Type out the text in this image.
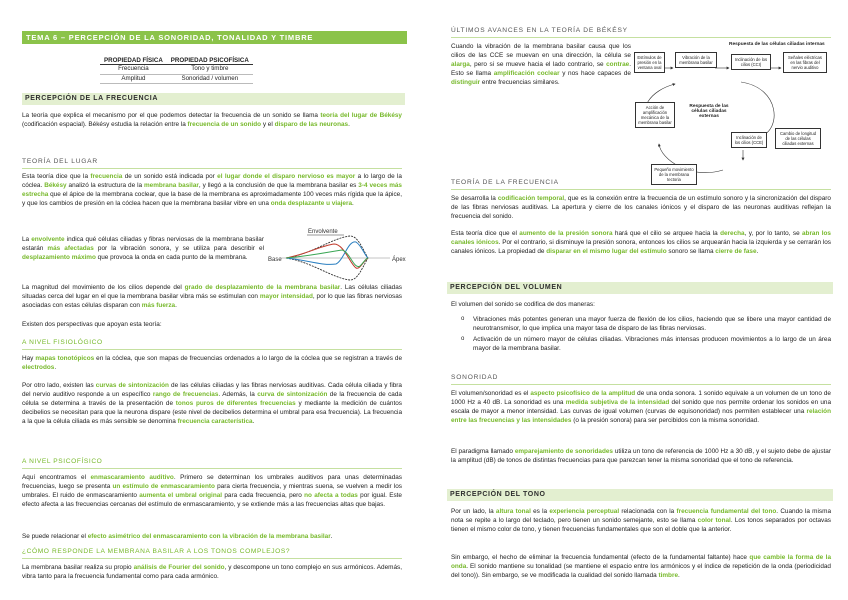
TEMA 6 – PERCEPCIÓN DE LA SONORIDAD, TONALIDAD Y TIMBRE
PROPIEDAD FÍSICA	PROPIEDAD PSICOFÍSICA
Frecuencia	Tono y timbre
Amplitud	Sonoridad / volumen
PERCEPCIÓN DE LA FRECUENCIA

La teoría que explica el mecanismo por el que podemos detectar la frecuencia de un sonido se llama teoría del lugar de Békésy (codificación espacial). Békésy estudia la relación entre la frecuencia de un sonido y el disparo de las neuronas.

TEORÍA DEL LUGAR

Esta teoría dice que la frecuencia de un sonido está indicada por el lugar donde el disparo nervioso es mayor a lo largo de la cóclea. Békésy analizó la estructura de la membrana basilar, y llegó a la conclusión de que la membrana basilar es 3-4 veces más estrecha que el ápice de la membrana coclear, que la base de la membrana es aproximadamente 100 veces más rígida que la ápice, y que los cambios de presión en la cóclea hacen que la membrana basilar vibre en una onda desplazante u viajera.

La envolvente indica qué células ciliadas y fibras nerviosas de la membrana basilar estarán más afectadas por la vibración sonora, y se utiliza para describir el desplazamiento máximo que provoca la onda en cada punto de la membrana.

Envolvente
Base	Ápex

La magnitud del movimiento de los cilios depende del grado de desplazamiento de la membrana basilar. Las células ciliadas situadas cerca del lugar en el que la membrana basilar vibra más se estimulan con mayor intensidad, por lo que las fibras nerviosas asociadas con estas células disparan con más fuerza.

Existen dos perspectivas que apoyan esta teoría:

A NIVEL FISIOLÓGICO

Hay mapas tonotópicos en la cóclea, que son mapas de frecuencias ordenados a lo largo de la cóclea que se registran a través de electrodos.

Por otro lado, existen las curvas de sintonización de las células ciliadas y las fibras nerviosas auditivas. Cada célula ciliada y fibra del nervio auditivo responde a un específico rango de frecuencias. Además, la curva de sintonización de la frecuencia de cada célula se determina a través de la presentación de tonos puros de diferentes frecuencias y mediante la medición de cuántos decibelios se necesitan para que la neurona dispare (este nivel de decibelios determina el umbral para esa frecuencia). La frecuencia a la que la célula ciliada es más sensible se denomina frecuencia característica.

A NIVEL PSICOFÍSICO

Aquí encontramos el enmascaramiento auditivo. Primero se determinan los umbrales auditivos para unas determinadas frecuencias, luego se presenta un estímulo de enmascaramiento para cierta frecuencia, y mientras suena, se vuelven a medir los umbrales. El ruido de enmascaramiento aumenta el umbral original para cada frecuencia, pero no afecta a todas por igual. Este efecto afecta a las frecuencias cercanas del estímulo de enmascaramiento, y se extiende más a las frecuencias altas que bajas.

Se puede relacionar el efecto asimétrico del enmascaramiento con la vibración de la membrana basilar.

¿CÓMO RESPONDE LA MEMBRANA BASILAR A LOS TONOS COMPLEJOS?

La membrana basilar realiza su propio análisis de Fourier del sonido, y descompone un tono complejo en sus armónicos. Además, vibra tanto para la frecuencia fundamental como para cada armónico.

ÚLTIMOS AVANCES EN LA TEORÍA DE BÉKÉSY

Cuando la vibración de la membrana basilar causa que los cilios de las CCE se muevan en una dirección, la célula se alarga, pero si se mueve hacia el lado contrario, se contrae. Esto se llama amplificación coclear y nos hace capaces de distinguir entre frecuencias similares.

Respuesta de las células ciliadas internas
Estímulos de presión en la ventana oval
Vibración de la membrana basilar
Inclinación de los cilios (CCI)
Señales eléctricas en las fibras del nervio auditivo
Acción de amplificación mecánica de la membrana basilar
Respuesta de las células ciliadas externas
Inclinación de los cilios (CCE)
Cambio de longitud de las células ciliadas externas
Pequeño movimiento de la membrana tectoria
TEORÍA DE LA FRECUENCIA

Se desarrolla la codificación temporal, que es la conexión entre la frecuencia de un estímulo sonoro y la sincronización del disparo de las fibras nerviosas auditivas. La apertura y cierre de los canales iónicos y el disparo de las neuronas auditivas reflejan la frecuencia del sonido.

Esta teoría dice que el aumento de la presión sonora hará que el cilio se arquee hacia la derecha, y, por lo tanto, se abran los canales iónicos. Por el contrario, si disminuye la presión sonora, entonces los cilios se arquearán hacia la izquierda y se cerrarán los canales iónicos. La propiedad de disparar en el mismo lugar del estímulo sonoro se llama cierre de fase.

PERCEPCIÓN DEL VOLUMEN

El volumen del sonido se codifica de dos maneras:

o Vibraciones más potentes generan una mayor fuerza de flexión de los cilios, haciendo que se libere una mayor cantidad de neurotransmisor, lo que implica una mayor tasa de disparo de las fibras nerviosas.

o Activación de un número mayor de células ciliadas. Vibraciones más intensas producen movimientos a lo largo de un área mayor de la membrana basilar.

SONORIDAD

El volumen/sonoridad es el aspecto psicofísico de la amplitud de una onda sonora. 1 sonido equivale a un volumen de un tono de 1000 Hz a 40 dB. La sonoridad es una medida subjetiva de la intensidad del sonido que nos permite ordenar los sonidos en una escala de mayor a menor intensidad. Las curvas de igual volumen (curvas de equisonoridad) nos permiten establecer una relación entre las frecuencias y las intensidades (o la presión sonora) para ser percibidos con la misma sonoridad.

El paradigma llamado emparejamiento de sonoridades utiliza un tono de referencia de 1000 Hz a 30 dB, y el sujeto debe de ajustar la amplitud (dB) de tonos de distintas frecuencias para que parezcan tener la misma sonoridad que el tono de referencia.

PERCEPCIÓN DEL TONO

Por un lado, la altura tonal es la experiencia perceptual relacionada con la frecuencia fundamental del tono. Cuando la misma nota se repite a lo largo del teclado, pero tienen un sonido semejante, esto se llama color tonal. Los tonos separados por octavas tienen el mismo color de tono, y tienen frecuencias fundamentales que son el doble que la anterior.

Sin embargo, el hecho de eliminar la frecuencia fundamental (efecto de la fundamental faltante) hace que cambie la forma de la onda. El sonido mantiene su tonalidad (se mantiene el espacio entre los armónicos y el índice de repetición de la onda (periodicidad del tono)). Sin embargo, se ve modificada la cualidad del sonido llamada timbre.
